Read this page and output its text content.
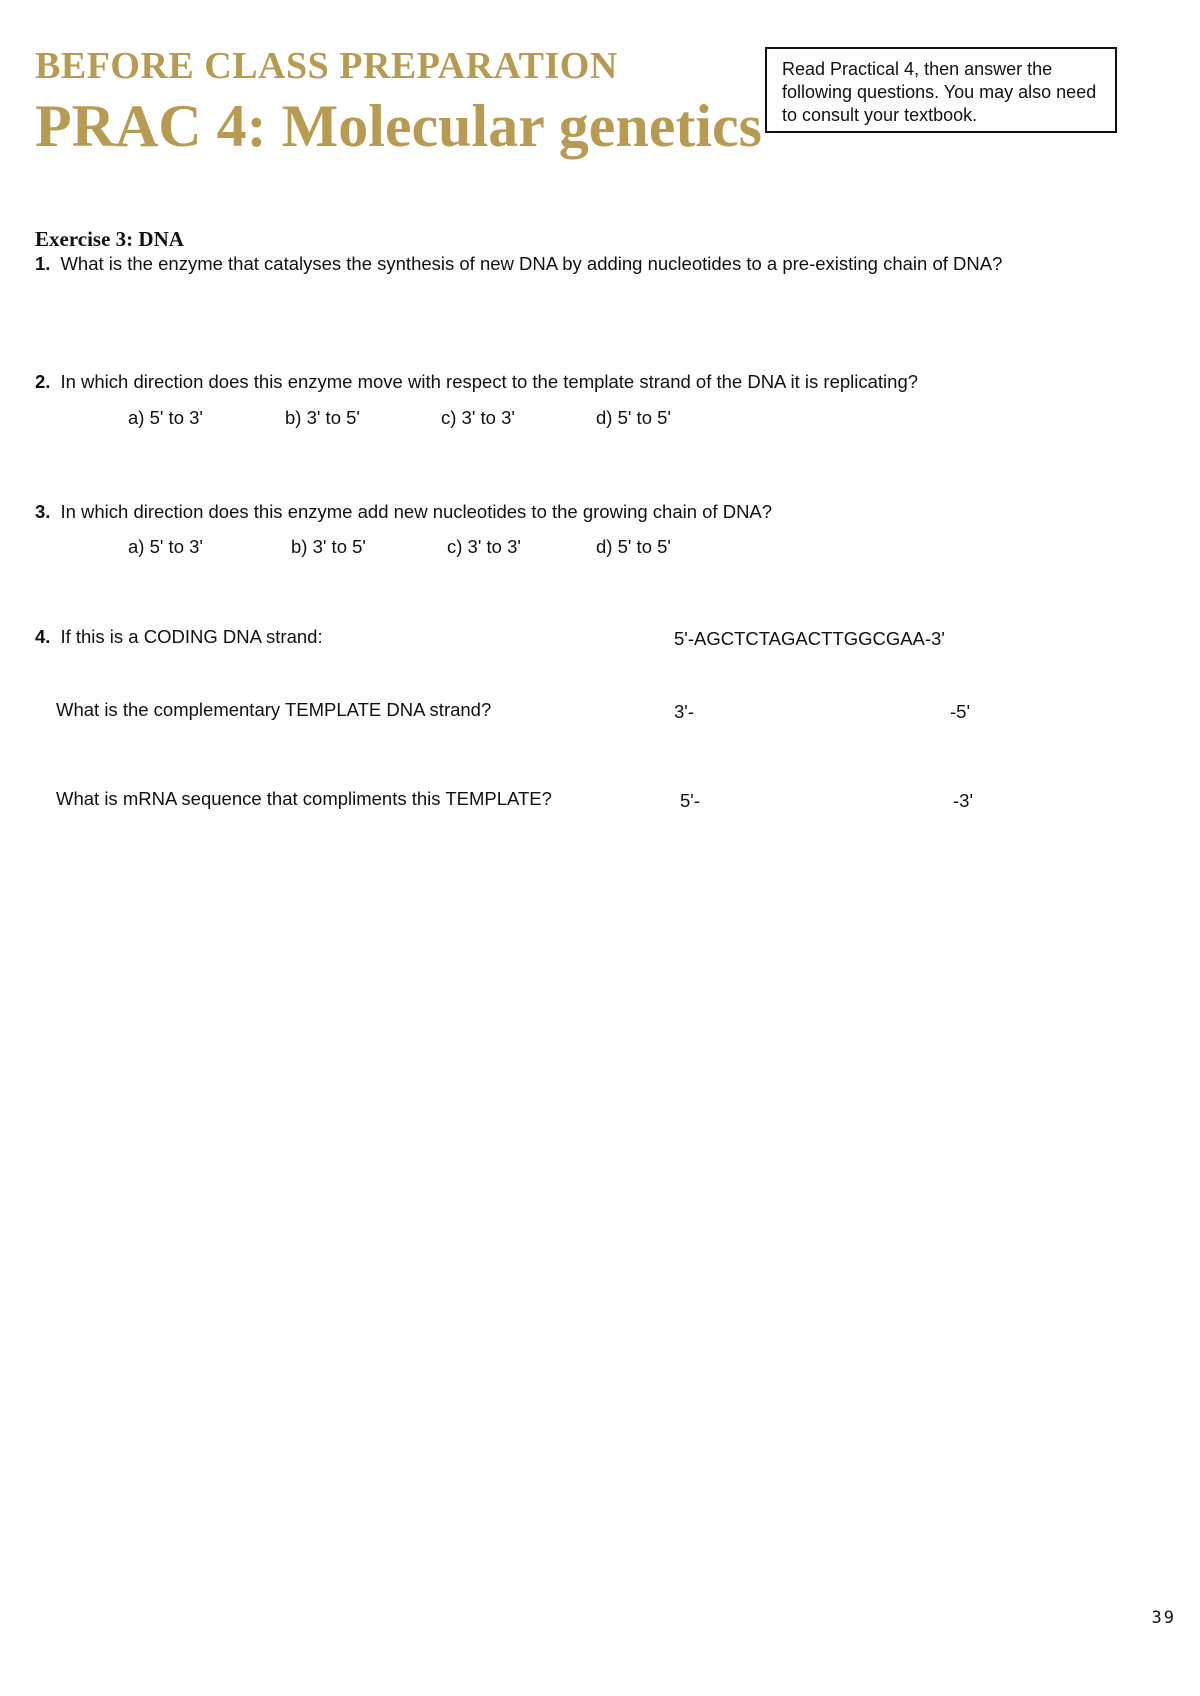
BEFORE CLASS PREPARATION
PRAC 4: Molecular genetics
Read Practical 4, then answer the following questions. You may also need to consult your textbook.
Exercise 3: DNA
1. What is the enzyme that catalyses the synthesis of new DNA by adding nucleotides to a pre-existing chain of DNA?
2. In which direction does this enzyme move with respect to the template strand of the DNA it is replicating?
a) 5' to 3'	b) 3' to 5'	c) 3' to 3'	d) 5' to 5'
3. In which direction does this enzyme add new nucleotides to the growing chain of DNA?
a) 5' to 3'	b) 3' to 5'	c) 3' to 3'	d) 5' to 5'
4. If this is a CODING DNA strand:	5'-AGCTCTAGACTTGGCGAA-3'
What is the complementary TEMPLATE DNA strand?	3'-	-5'
What is mRNA sequence that compliments this TEMPLATE?	5'-	-3'
39
